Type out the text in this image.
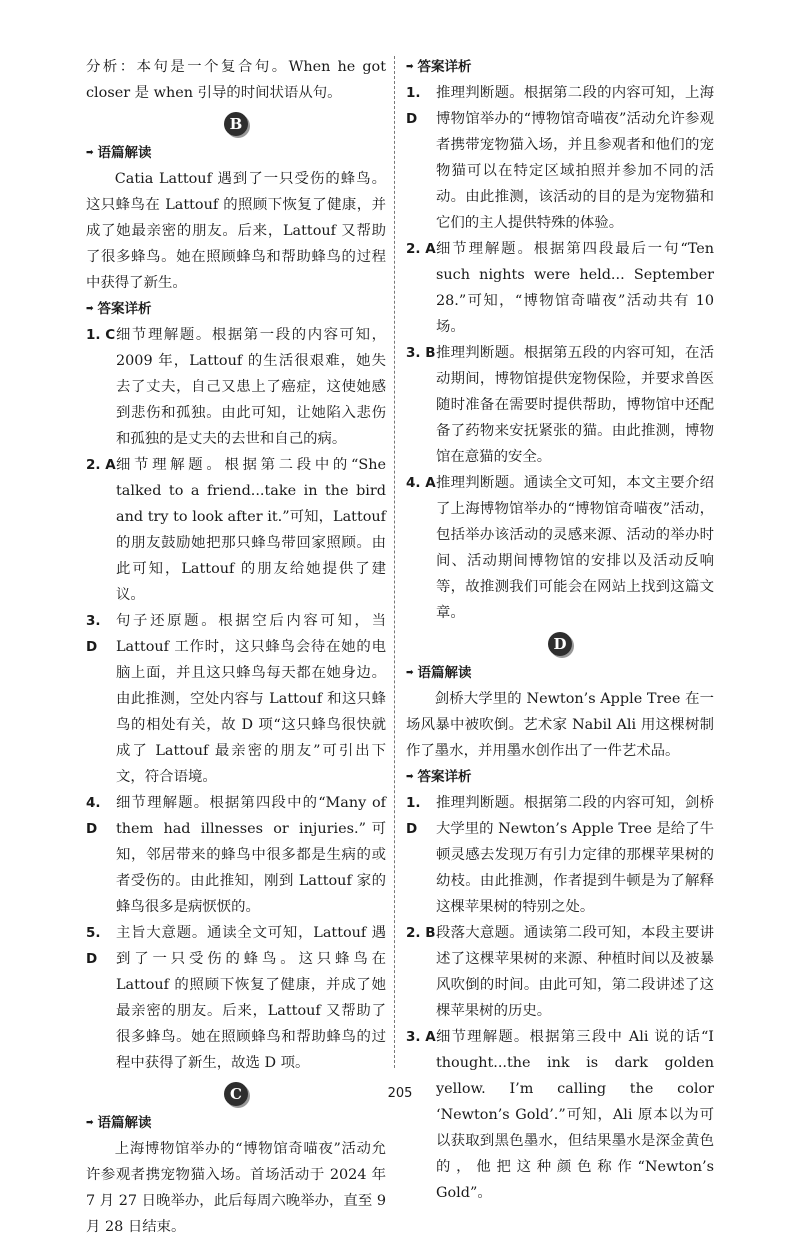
分析：本句是一个复合句。When he got closer 是 when 引导的时间状语从句。

B
➡ 语篇解读

Catia Lattouf 遇到了一只受伤的蜂鸟。这只蜂鸟在 Lattouf 的照顾下恢复了健康，并成了她最亲密的朋友。后来，Lattouf 又帮助了很多蜂鸟。她在照顾蜂鸟和帮助蜂鸟的过程中获得了新生。

➡ 答案详析
1. C 细节理解题。根据第一段的内容可知，2009 年，Lattouf 的生活很艰难，她失去了丈夫，自己又患上了癌症，这使她感到悲伤和孤独。由此可知，让她陷入悲伤和孤独的是丈夫的去世和自己的病。
2. A 细节理解题。根据第二段中的“She talked to a friend...take in the bird and try to look after it.”可知，Lattouf 的朋友鼓励她把那只蜂鸟带回家照顾。由此可知，Lattouf 的朋友给她提供了建议。
3. D
句子还原题。根据空后内容可知，当 Lattouf 工作时，这只蜂鸟会待在她的电脑上面，并且这只蜂鸟每天都在她身边。由此推测，空处内容与 Lattouf 和这只蜂鸟的相处有关，故 D 项“这只蜂鸟很快就成了 Lattouf 最亲密的朋友”可引出下文，符合语境。
4. D
细节理解题。根据第四段中的“Many of them had illnesses or injuries.”可知，邻居带来的蜂鸟中很多都是生病的或者受伤的。由此推知，刚到 Lattouf 家的蜂鸟很多是病恹恹的。
5. D
主旨大意题。通读全文可知，Lattouf 遇到了一只受伤的蜂鸟。这只蜂鸟在 Lattouf 的照顾下恢复了健康，并成了她最亲密的朋友。后来，Lattouf 又帮助了很多蜂鸟。她在照顾蜂鸟和帮助蜂鸟的过程中获得了新生，故选 D 项。
C
➡ 语篇解读

上海博物馆举办的“博物馆奇喵夜”活动允许参观者携宠物猫入场。首场活动于 2024 年 7 月 27 日晚举办，此后每周六晚举办，直至 9 月 28 日结束。

➡ 答案详析
1. D
推理判断题。根据第二段的内容可知，上海博物馆举办的“博物馆奇喵夜”活动允许参观者携带宠物猫入场，并且参观者和他们的宠物猫可以在特定区域拍照并参加不同的活动。由此推测，该活动的目的是为宠物猫和它们的主人提供特殊的体验。
2. A 细节理解题。根据第四段最后一句“Ten such nights were held... September 28.”可知，“博物馆奇喵夜”活动共有 10 场。
3. B 推理判断题。根据第五段的内容可知，在活动期间，博物馆提供宠物保险，并要求兽医随时准备在需要时提供帮助，博物馆中还配备了药物来安抚紧张的猫。由此推测，博物馆在意猫的安全。
4. A 推理判断题。通读全文可知，本文主要介绍了上海博物馆举办的“博物馆奇喵夜”活动，包括举办该活动的灵感来源、活动的举办时间、活动期间博物馆的安排以及活动反响等，故推测我们可能会在网站上找到这篇文章。
D
➡ 语篇解读

剑桥大学里的 Newton’s Apple Tree 在一场风暴中被吹倒。艺术家 Nabil Ali 用这棵树制作了墨水，并用墨水创作出了一件艺术品。

➡ 答案详析
1. D
推理判断题。根据第二段的内容可知，剑桥大学里的 Newton’s Apple Tree 是给了牛顿灵感去发现万有引力定律的那棵苹果树的幼枝。由此推测，作者提到牛顿是为了解释这棵苹果树的特别之处。
2. B 段落大意题。通读第二段可知，本段主要讲述了这棵苹果树的来源、种植时间以及被暴风吹倒的时间。由此可知，第二段讲述了这棵苹果树的历史。
3. A 细节理解题。根据第三段中 Ali 说的话“I thought...the ink is dark golden yellow. I’m calling the color ‘Newton’s Gold’.”可知，Ali 原本以为可以获取到黑色墨水，但结果墨水是深金黄色的，他把这种颜色称作“Newton’s Gold”。
205
